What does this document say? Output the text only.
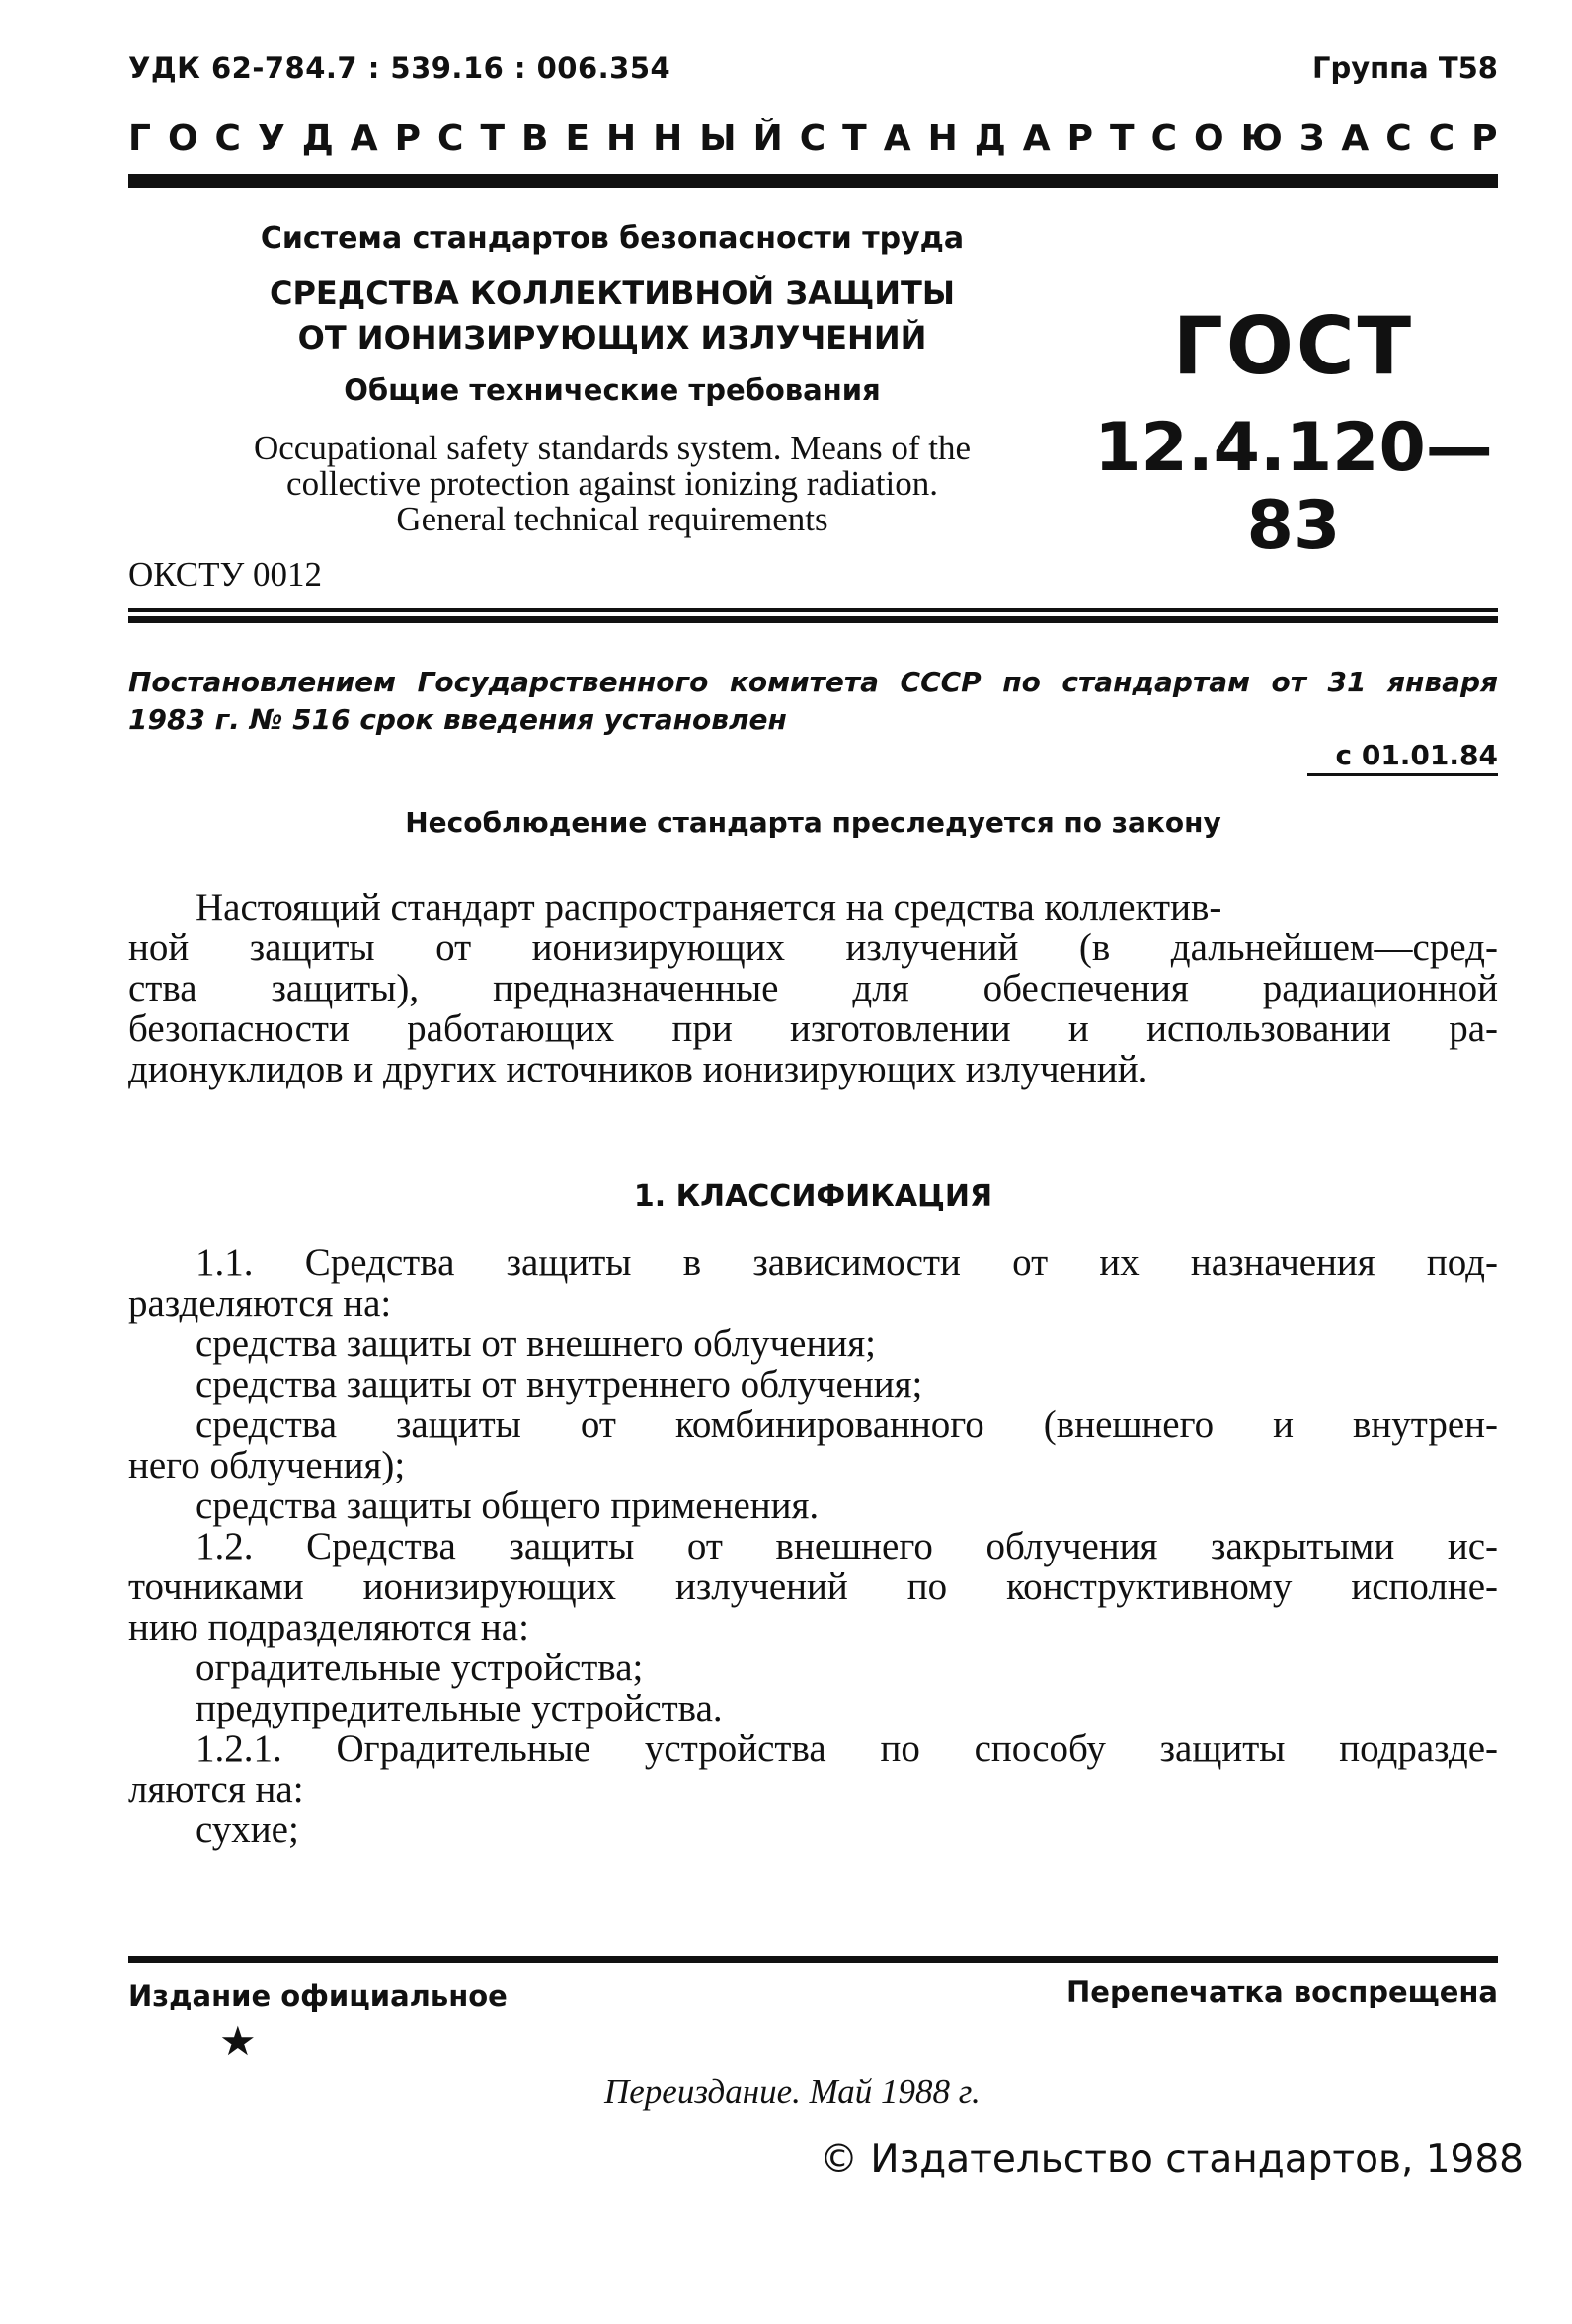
УДК 62-784.7 : 539.16 : 006.354	Группа Т58
ГОСУДАРСТВЕННЫЙ СТАНДАРТ СОЮЗА ССР
Система стандартов безопасности труда
СРЕДСТВА КОЛЛЕКТИВНОЙ ЗАЩИТЫ
ОТ ИОНИЗИРУЮЩИХ ИЗЛУЧЕНИЙ
Общие технические требования
Occupational safety standards system. Means of the
collective protection against ionizing radiation.
General technical requirements
ОКСТУ 0012
ГОСТ
12.4.120—83
Постановлением Государственного комитета СССР по стандартам от 31 января
1983 г. № 516 срок введения установлен
с 01.01.84
Несоблюдение стандарта преследуется по закону
Настоящий стандарт распространяется на средства коллектив-
ной защиты от ионизирующих излучений (в дальнейшем—сред-
ства защиты), предназначенные для обеспечения радиационной
безопасности работающих при изготовлении и использовании ра-
дионуклидов и других источников ионизирующих излучений.
1. КЛАССИФИКАЦИЯ
1.1. Средства защиты в зависимости от их назначения под-
разделяются на:
средства защиты от внешнего облучения;
средства защиты от внутреннего облучения;
средства защиты от комбинированного (внешнего и внутрен-
него облучения);
средства защиты общего применения.
1.2. Средства защиты от внешнего облучения закрытыми ис-
точниками ионизирующих излучений по конструктивному исполне-
нию подразделяются на:
оградительные устройства;
предупредительные устройства.
1.2.1. Оградительные устройства по способу защиты подразде-
ляются на:
сухие;
Издание официальное	Перепечатка воспрещена
★
Переиздание. Май 1988 г.
© Издательство стандартов, 1988
